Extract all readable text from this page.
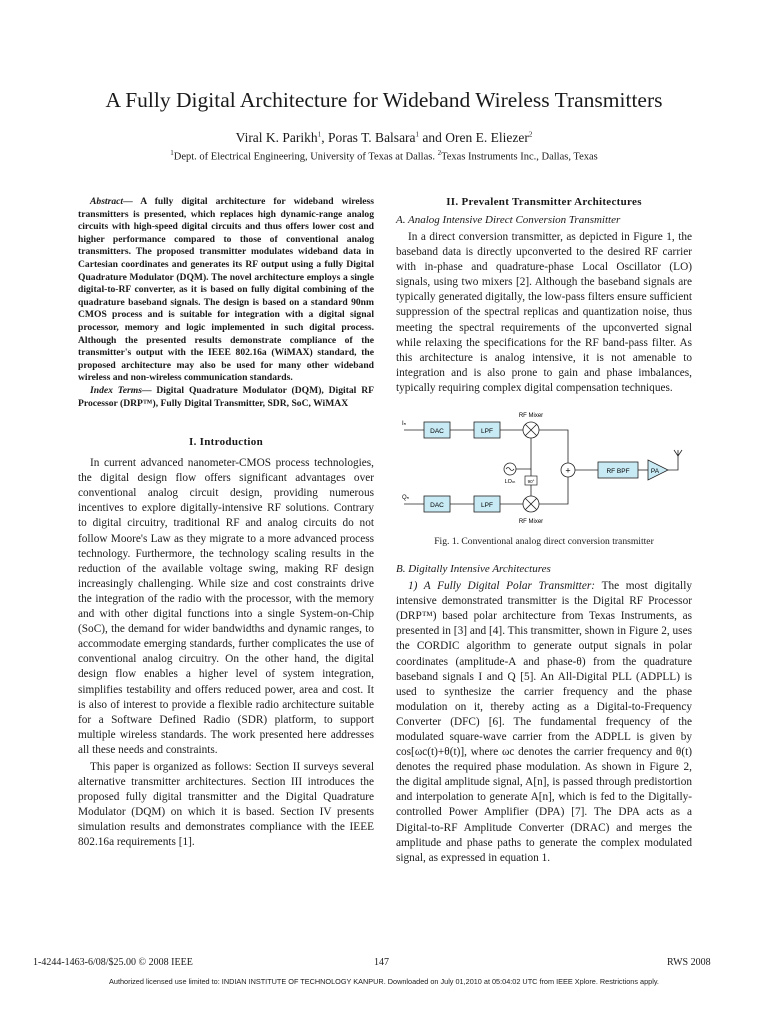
A Fully Digital Architecture for Wideband Wireless Transmitters
Viral K. Parikh$^1$, Poras T. Balsara$^1$ and Oren E. Eliezer$^2$
$^1$Dept. of Electrical Engineering, University of Texas at Dallas. $^2$Texas Instruments Inc., Dallas, Texas

Abstract— A fully digital architecture for wideband wireless transmitters is presented, which replaces high dynamic-range analog circuits with high-speed digital circuits and thus offers lower cost and higher performance compared to those of conventional analog transmitters. The proposed transmitter modulates wideband data in Cartesian coordinates and generates its RF output using a fully Digital Quadrature Modulator (DQM). The novel architecture employs a single digital-to-RF converter, as it is based on fully digital combining of the quadrature baseband signals. The design is based on a standard 90nm CMOS process and is suitable for integration with a digital signal processor, memory and logic implemented in such digital process. Although the presented results demonstrate compliance of the transmitter's output with the IEEE 802.16a (WiMAX) standard, the proposed architecture may also be used for many other wideband wireless and non-wireless communication standards.

Index Terms— Digital Quadrature Modulator (DQM), Digital RF Processor (DRP™), Fully Digital Transmitter, SDR, SoC, WiMAX

I. Introduction

In current advanced nanometer-CMOS process technologies, the digital design flow offers significant advantages over conventional analog circuit design, providing numerous incentives to explore digitally-intensive RF solutions. Contrary to digital circuitry, traditional RF and analog circuits do not follow Moore's Law as they migrate to a more advanced process technology. Furthermore, the technology scaling results in the reduction of the available voltage swing, making RF design increasingly challenging. While size and cost constraints drive the integration of the radio with the processor, with the memory and with other digital functions into a single System-on-Chip (SoC), the demand for wider bandwidths and dynamic ranges, to accommodate emerging standards, further complicates the use of conventional analog circuitry. On the other hand, the digital design flow enables a higher level of system integration, simplifies testability and offers reduced power, area and cost. It is also of interest to provide a flexible radio architecture suitable for a Software Defined Radio (SDR) platform, to support multiple wireless standards. The work presented here addresses all these needs and constraints.

This paper is organized as follows: Section II surveys several alternative transmitter architectures. Section III introduces the proposed fully digital transmitter and the Digital Quadrature Modulator (DQM) on which it is based. Section IV presents simulation results and demonstrates compliance with the IEEE 802.16a requirements [1].

II. Prevalent Transmitter Architectures

A. Analog Intensive Direct Conversion Transmitter

In a direct conversion transmitter, as depicted in Figure 1, the baseband data is directly upconverted to the desired RF carrier with in-phase and quadrature-phase Local Oscillator (LO) signals, using two mixers [2]. Although the baseband signals are typically generated digitally, the low-pass filters ensure sufficient suppression of the spectral replicas and quantization noise, thus meeting the spectral requirements of the upconverted signal while relaxing the specifications for the RF band-pass filter. As this architecture is analog intensive, it is not amenable to integration and is also prone to gain and phase imbalances, typically requiring complex digital compensation techniques.

Iₙ
Qₙ
DAC
DAC
LPF
LPF
RF Mixer
RF Mixer
LOₘ	90°
+	RF BPF	PA

Fig. 1. Conventional analog direct conversion transmitter

B. Digitally Intensive Architectures

1) A Fully Digital Polar Transmitter: The most digitally intensive demonstrated transmitter is the Digital RF Processor (DRP™) based polar architecture from Texas Instruments, as presented in [3] and [4]. This transmitter, shown in Figure 2, uses the CORDIC algorithm to generate output signals in polar coordinates (amplitude-A and phase-θ) from the quadrature baseband signals I and Q [5]. An All-Digital PLL (ADPLL) is used to synthesize the carrier frequency and the phase modulation on it, thereby acting as a Digital-to-Frequency Converter (DFC) [6]. The fundamental frequency of the modulated square-wave carrier from the ADPLL is given by cos[ωc(t)+θ(t)], where ωc denotes the carrier frequency and θ(t) denotes the required phase modulation. As shown in Figure 2, the digital amplitude signal, A[n], is passed through predistortion and interpolation to generate A[n], which is fed to the Digitally-controlled Power Amplifier (DPA) [7]. The DPA acts as a Digital-to-RF Amplitude Converter (DRAC) and merges the amplitude and phase paths to generate the complex modulated signal, as expressed in equation 1.

1-4244-1463-6/08/$25.00 © 2008 IEEE	147	RWS 2008
Authorized licensed use limited to: INDIAN INSTITUTE OF TECHNOLOGY KANPUR. Downloaded on July 01,2010 at 05:04:02 UTC from IEEE Xplore. Restrictions apply.
